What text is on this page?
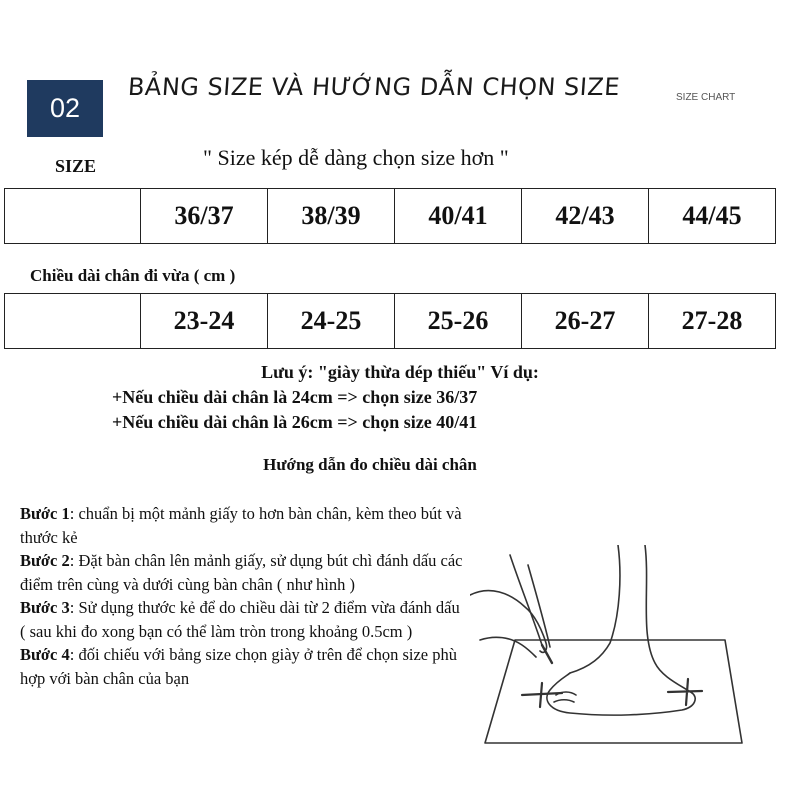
02
BẢNG SIZE VÀ HƯỚNG DẪN CHỌN SIZE	SIZE CHART
SIZE	" Size kép dễ dàng chọn size hơn "
	36/37	38/39	40/41	42/43	44/45
Chiều dài chân đi vừa ( cm )
	23-24	24-25	25-26	26-27	27-28
Lưu ý: "giày thừa dép thiếu" Ví dụ:
+Nếu chiều dài chân là 24cm => chọn size 36/37
+Nếu chiều dài chân là 26cm => chọn size 40/41
Hướng dẫn đo chiều dài chân

Bước 1: chuẩn bị một mảnh giấy to hơn bàn chân, kèm theo bút và thước kẻ

Bước 2: Đặt bàn chân lên mảnh giấy, sử dụng bút chì đánh dấu các điểm trên cùng và dưới cùng bàn chân ( như hình )

Bước 3: Sử dụng thước kẻ để do chiều dài từ 2 điểm vừa đánh dấu ( sau khi đo xong bạn có thể làm tròn trong khoảng 0.5cm )

Bước 4: đối chiếu với bảng size chọn giày ở trên để chọn size phù hợp với bàn chân của bạn
